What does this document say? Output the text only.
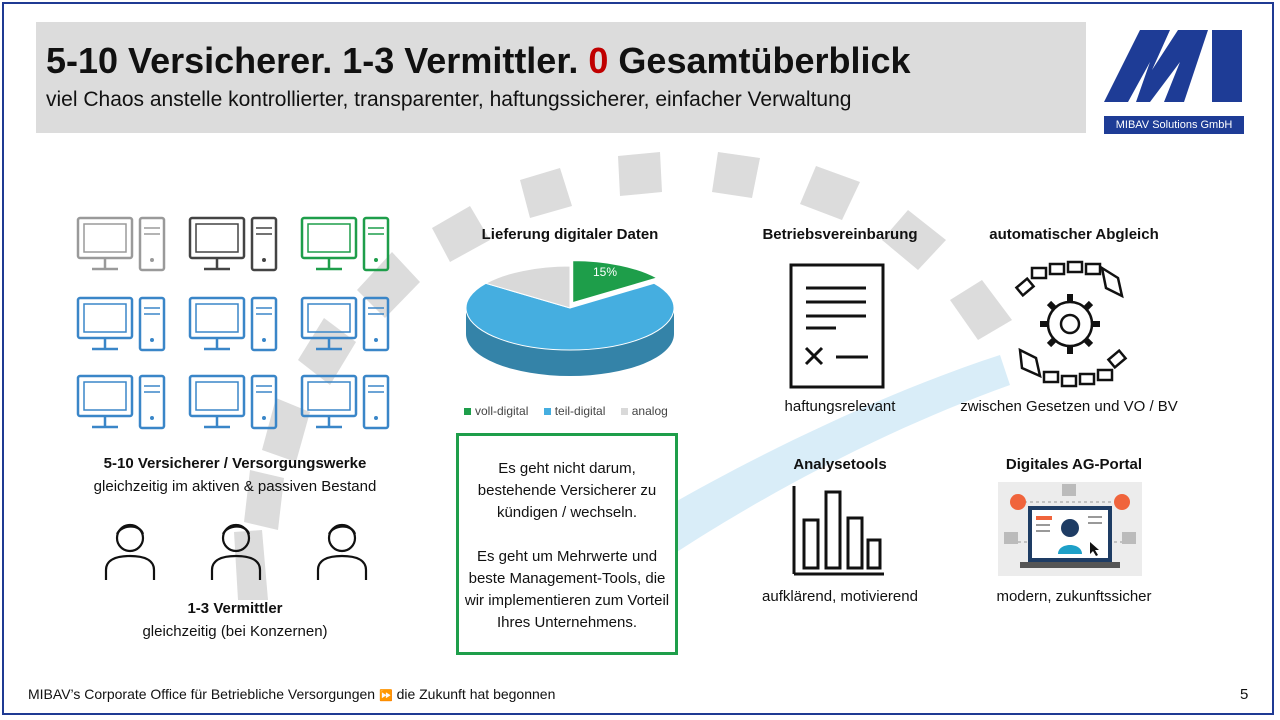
5-10 Versicherer. 1-3 Vermittler. 0 Gesamtüberblick
viel Chaos anstelle kontrollierter, transparenter, haftungssicherer, einfacher Verwaltung
MIBAV Solutions GmbH
5-10 Versicherer / Versorgungswerke
gleichzeitig im aktiven & passiven Bestand
1-3 Vermittler
gleichzeitig (bei Konzernen)
Lieferung digitaler Daten
15%
voll-digital teil-digital analog

Es geht nicht darum, bestehende Versicherer zu kündigen / wechseln.

Es geht um Mehrwerte und beste Management-Tools, die wir implementieren zum Vorteil Ihres Unternehmens.

Betriebsvereinbarung
haftungsrelevant
automatischer Abgleich
zwischen Gesetzen und VO / BV
Analysetools
aufklärend, motivierend
Digitales AG-Portal
modern, zukunftssicher
MIBAV’s Corporate Office für Betriebliche Versorgungen ⏩ die Zukunft hat begonnen	5
